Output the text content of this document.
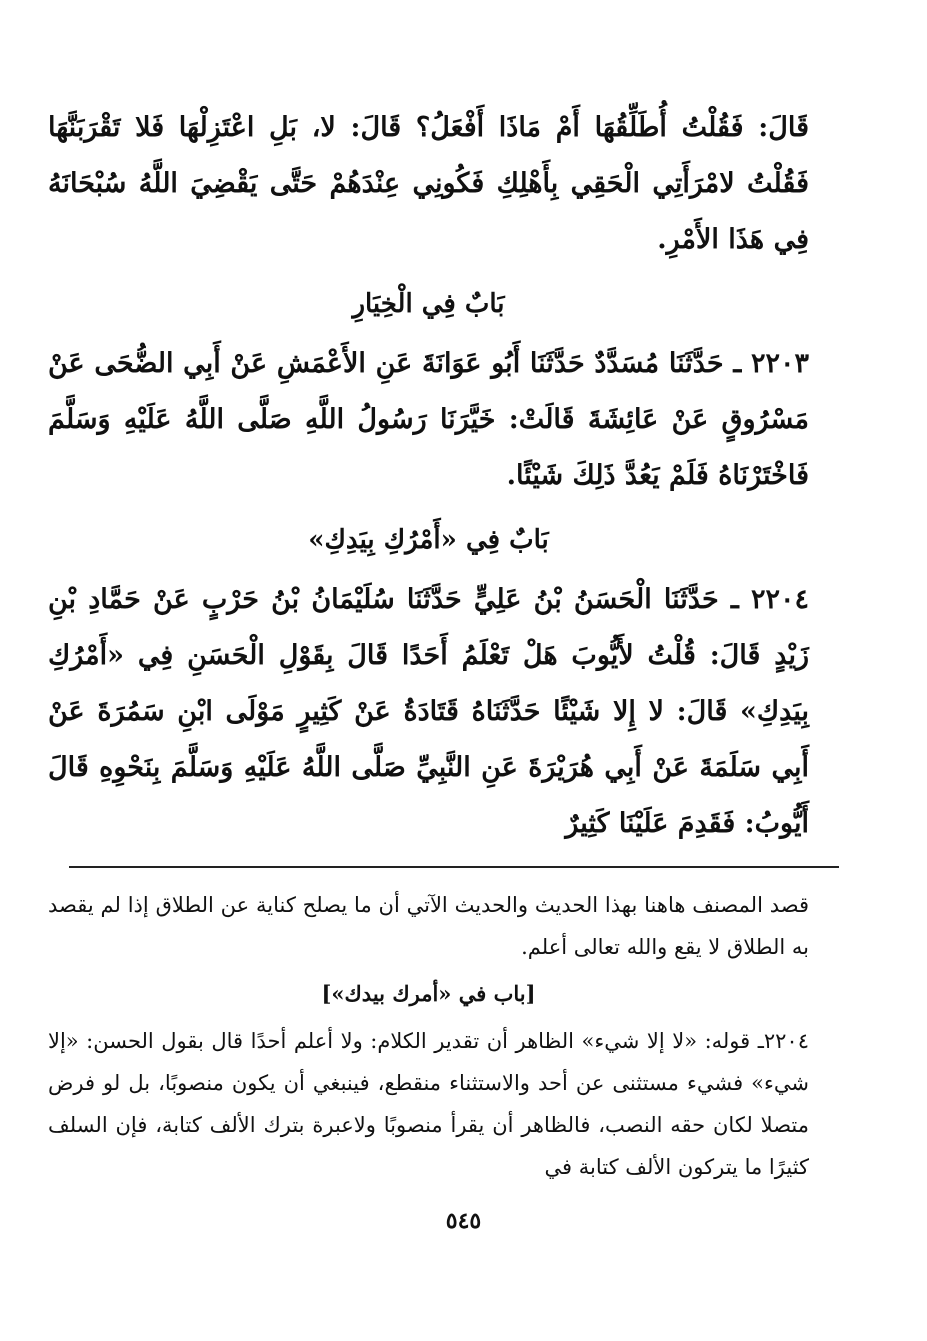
قَالَ: فَقُلْتُ أُطَلِّقُهَا أَمْ مَاذَا أَفْعَلُ؟ قَالَ: لا، بَلِ اعْتَزِلْهَا فَلا تَقْرَبَنَّهَا فَقُلْتُ لامْرَأَتِي الْحَقِي بِأَهْلِكِ فَكُونِي عِنْدَهُمْ حَتَّى يَقْضِيَ اللَّهُ سُبْحَانَهُ فِي هَذَا الأَمْرِ.

بَابٌ فِي الْخِيَارِ

٢٢٠٣ ـ حَدَّثَنَا مُسَدَّدٌ حَدَّثَنَا أَبُو عَوَانَةَ عَنِ الأَعْمَشِ عَنْ أَبِي الضُّحَى عَنْ مَسْرُوقٍ عَنْ عَائِشَةَ قَالَتْ: خَيَّرَنَا رَسُولُ اللَّهِ صَلَّى اللَّهُ عَلَيْهِ وَسَلَّمَ فَاخْتَرْنَاهُ فَلَمْ يَعُدَّ ذَلِكَ شَيْئًا.

بَابٌ فِي «أَمْرُكِ بِيَدِكِ»

٢٢٠٤ ـ حَدَّثَنَا الْحَسَنُ بْنُ عَلِيٍّ حَدَّثَنَا سُلَيْمَانُ بْنُ حَرْبٍ عَنْ حَمَّادِ بْنِ زَيْدٍ قَالَ: قُلْتُ لأَيُّوبَ هَلْ تَعْلَمُ أَحَدًا قَالَ بِقَوْلِ الْحَسَنِ فِي «أَمْرُكِ بِيَدِكِ» قَالَ: لا إِلا شَيْئًا حَدَّثَنَاهُ قَتَادَةُ عَنْ كَثِيرٍ مَوْلَى ابْنِ سَمُرَةَ عَنْ أَبِي سَلَمَةَ عَنْ أَبِي هُرَيْرَةَ عَنِ النَّبِيِّ صَلَّى اللَّهُ عَلَيْهِ وَسَلَّمَ بِنَحْوِهِ قَالَ أَيُّوبُ: فَقَدِمَ عَلَيْنَا كَثِيرٌ

قصد المصنف هاهنا بهذا الحديث والحديث الآتي أن ما يصلح كناية عن الطلاق إذا لم يقصد به الطلاق لا يقع والله تعالى أعلم.

[باب في «أمرك بيدك»]

٢٢٠٤ـ قوله: «لا إلا شيء» الظاهر أن تقدير الكلام: ولا أعلم أحدًا قال بقول الحسن: «إلا شيء» فشيء مستثنى عن أحد والاستثناء منقطع، فينبغي أن يكون منصوبًا، بل لو فرض متصلا لكان حقه النصب، فالظاهر أن يقرأ منصوبًا ولاعبرة بترك الألف كتابة، فإن السلف كثيرًا ما يتركون الألف كتابة في

٥٤٥
